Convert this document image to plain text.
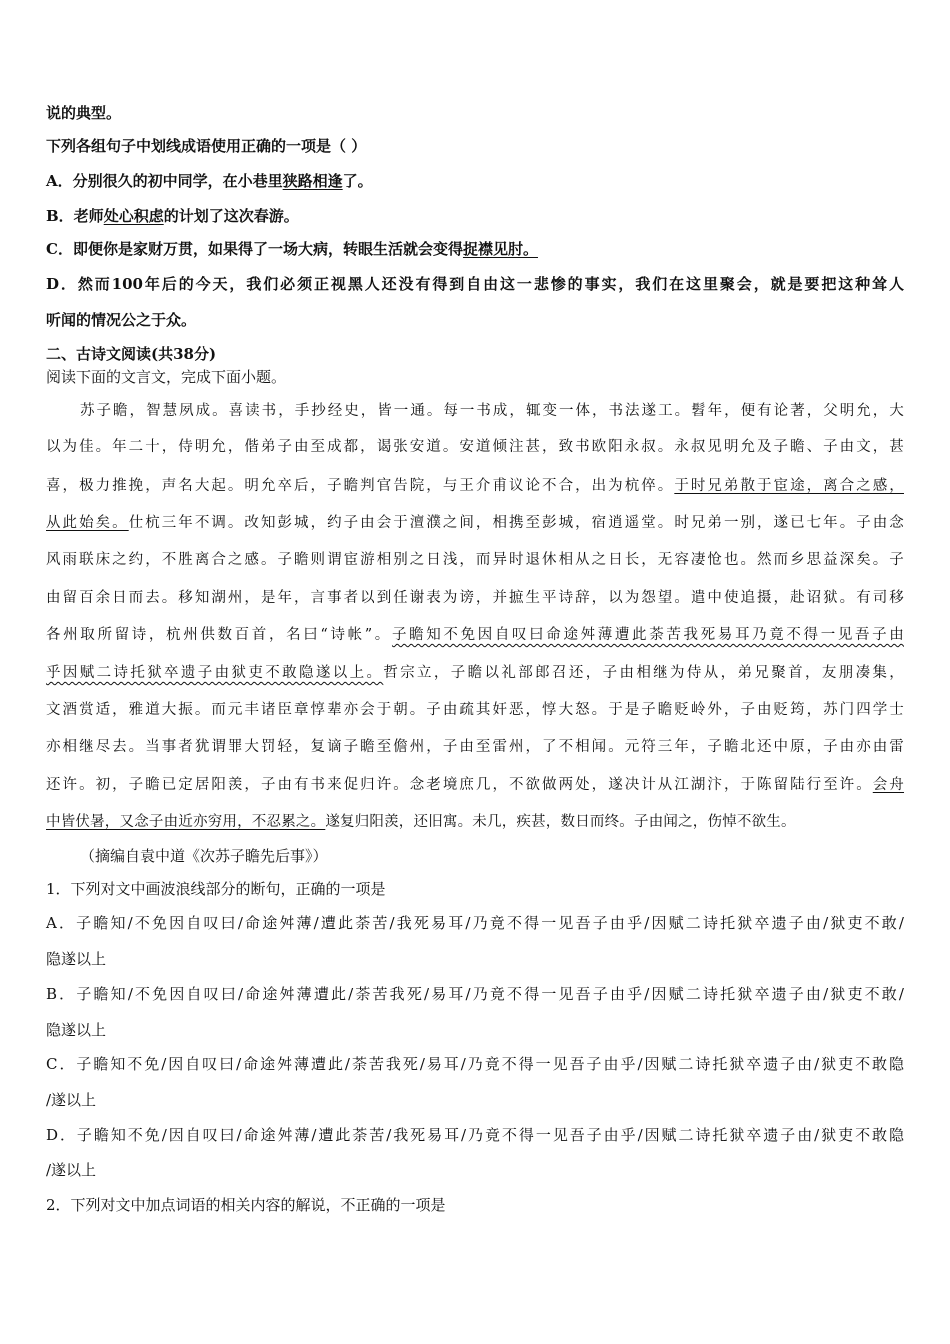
说的典型。
下列各组句子中划线成语使用正确的一项是（ ）
A．分别很久的初中同学，在小巷里狭路相逢了。
B．老师处心积虑的计划了这次春游。
C．即便你是家财万贯，如果得了一场大病，转眼生活就会变得捉襟见肘。
D．然而100年后的今天，我们必须正视黑人还没有得到自由这一悲惨的事实，我们在这里聚会，就是要把这种耸人
听闻的情况公之于众。
二、古诗文阅读(共38分)
阅读下面的文言文，完成下面小题。
苏子瞻，智慧夙成。喜读书，手抄经史，皆一通。每一书成，辄变一体，书法遂工。髫年，便有论著，父明允，大
以为佳。年二十，侍明允，偕弟子由至成都，谒张安道。安道倾注甚，致书欧阳永叔。永叔见明允及子瞻、子由文，甚
喜，极力推挽，声名大起。明允卒后，子瞻判官告院，与王介甫议论不合，出为杭倅。于时兄弟散于宦途，离合之感，
从此始矣。仕杭三年不调。改知彭城，约子由会于澶濮之间，相携至彭城，宿逍遥堂。时兄弟一别，遂已七年。子由念
风雨联床之约，不胜离合之感。子瞻则谓宦游相别之日浅，而异时退休相从之日长，无容凄怆也。然而乡思益深矣。子
由留百余日而去。移知湖州，是年，言事者以到任谢表为谤，并摭生平诗辞，以为怨望。遣中使追摄，赴诏狱。有司移
各州取所留诗，杭州供数百首，名曰“诗帐”。子瞻知不免因自叹曰命途舛薄遭此荼苦我死易耳乃竟不得一见吾子由
乎因赋二诗托狱卒遗子由狱吏不敢隐遂以上。哲宗立，子瞻以礼部郎召还，子由相继为侍从，弟兄聚首，友朋凑集，
文酒赏适，雅道大振。而元丰诸臣章惇辈亦会于朝。子由疏其奸恶，惇大怒。于是子瞻贬岭外，子由贬筠，苏门四学士
亦相继尽去。当事者犹谓罪大罚轻，复谪子瞻至儋州，子由至雷州，了不相闻。元符三年，子瞻北还中原，子由亦由雷
还许。初，子瞻已定居阳羡，子由有书来促归许。念老境庶几，不欲做两处，遂决计从江湖汴，于陈留陆行至许。会舟
中皆伏暑，又念子由近亦穷用，不忍累之。遂复归阳羡，还旧寓。未几，疾甚，数日而终。子由闻之，伤悼不欲生。
（摘编自袁中道《次苏子瞻先后事》）
1．下列对文中画波浪线部分的断句，正确的一项是
A．子瞻知/不免因自叹曰/命途舛薄/遭此荼苦/我死易耳/乃竟不得一见吾子由乎/因赋二诗托狱卒遗子由/狱吏不敢/
隐遂以上
B．子瞻知/不免因自叹曰/命途舛薄遭此/荼苦我死/易耳/乃竟不得一见吾子由乎/因赋二诗托狱卒遗子由/狱吏不敢/
隐遂以上
C．子瞻知不免/因自叹曰/命途舛薄遭此/荼苦我死/易耳/乃竟不得一见吾子由乎/因赋二诗托狱卒遗子由/狱吏不敢隐
/遂以上
D．子瞻知不免/因自叹曰/命途舛薄/遭此荼苦/我死易耳/乃竟不得一见吾子由乎/因赋二诗托狱卒遗子由/狱吏不敢隐
/遂以上
2．下列对文中加点词语的相关内容的解说，不正确的一项是
